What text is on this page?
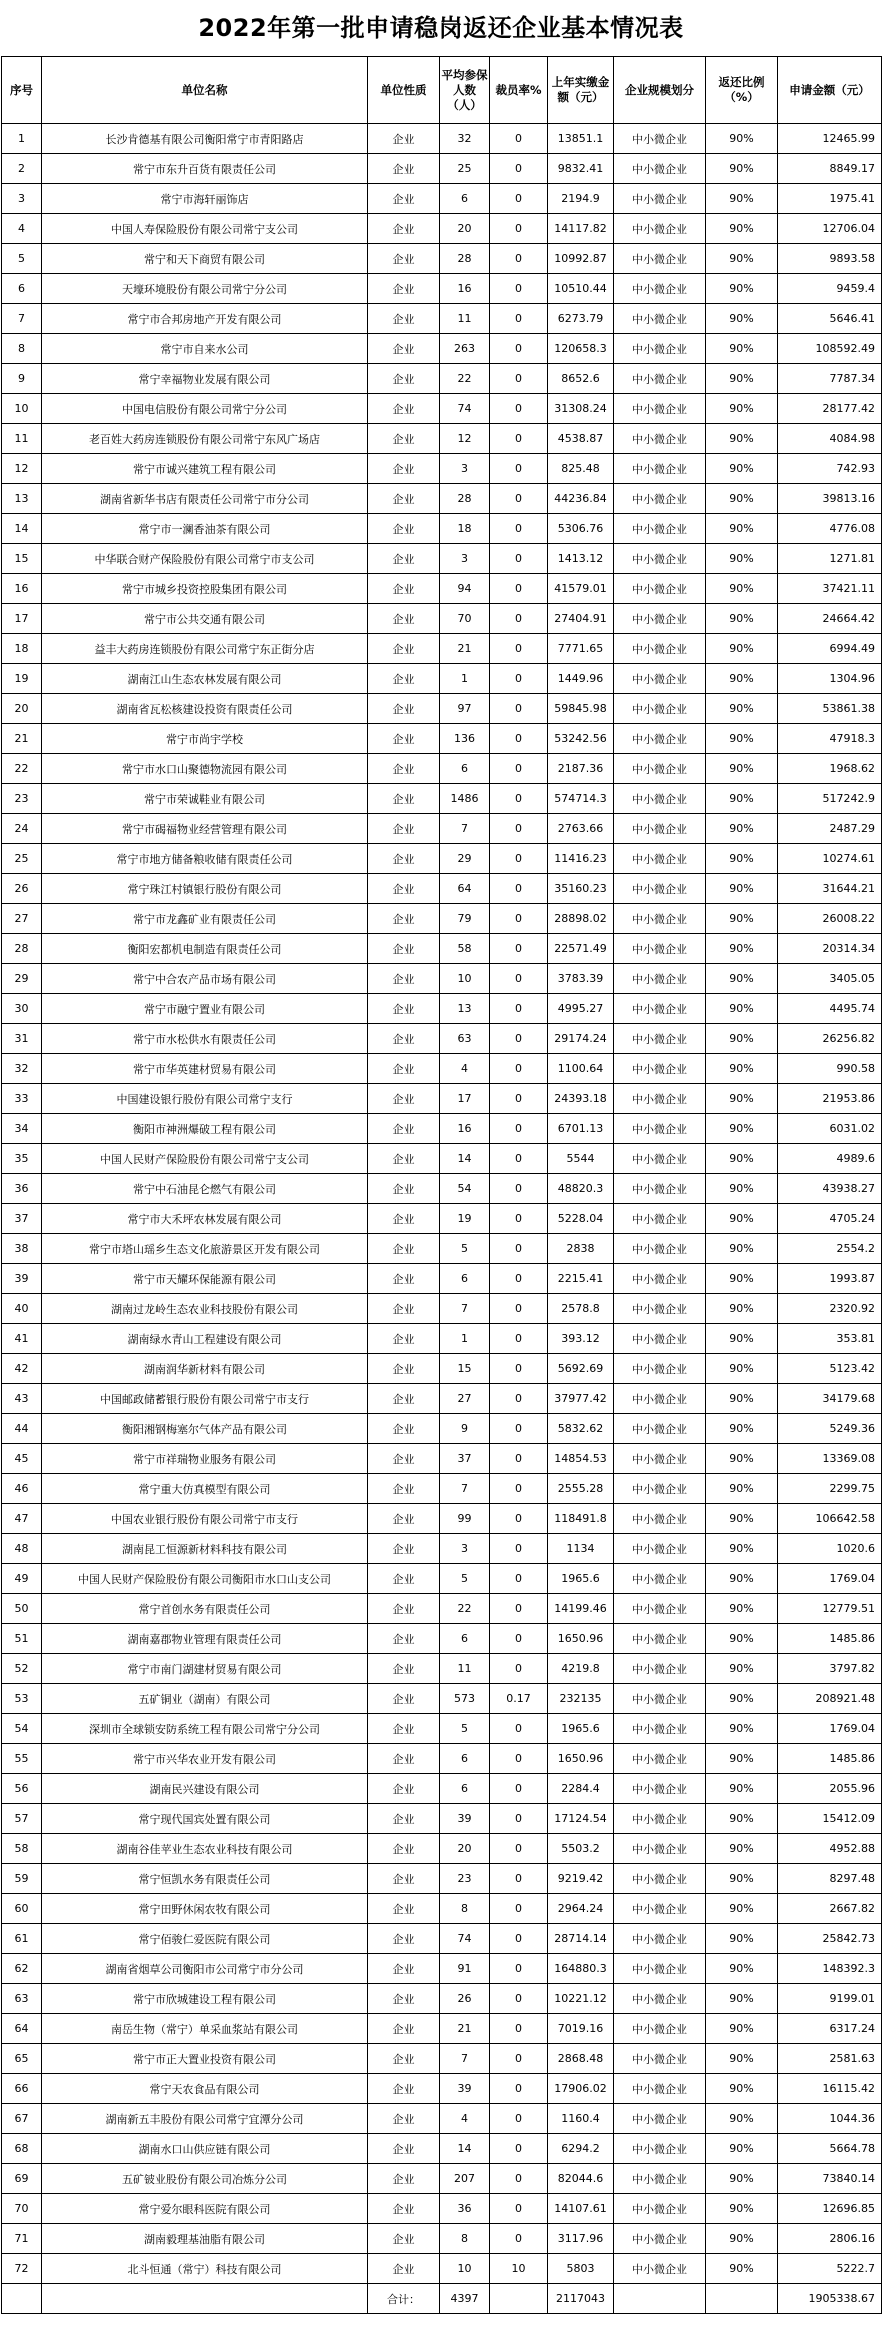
2022年第一批申请稳岗返还企业基本情况表
序号	单位名称	单位性质	平均参保人数（人）	裁员率%	上年实缴金额（元）	企业规模划分	返还比例（%）	申请金额（元）
1	长沙肯德基有限公司衡阳常宁市青阳路店	企业	32	0	13851.1	中小微企业	90%	12465.99
2	常宁市东升百货有限责任公司	企业	25	0	9832.41	中小微企业	90%	8849.17
3	常宁市海轩丽饰店	企业	6	0	2194.9	中小微企业	90%	1975.41
4	中国人寿保险股份有限公司常宁支公司	企业	20	0	14117.82	中小微企业	90%	12706.04
5	常宁和天下商贸有限公司	企业	28	0	10992.87	中小微企业	90%	9893.58
6	天壕环境股份有限公司常宁分公司	企业	16	0	10510.44	中小微企业	90%	9459.4
7	常宁市合邦房地产开发有限公司	企业	11	0	6273.79	中小微企业	90%	5646.41
8	常宁市自来水公司	企业	263	0	120658.3	中小微企业	90%	108592.49
9	常宁幸福物业发展有限公司	企业	22	0	8652.6	中小微企业	90%	7787.34
10	中国电信股份有限公司常宁分公司	企业	74	0	31308.24	中小微企业	90%	28177.42
11	老百姓大药房连锁股份有限公司常宁东风广场店	企业	12	0	4538.87	中小微企业	90%	4084.98
12	常宁市诚兴建筑工程有限公司	企业	3	0	825.48	中小微企业	90%	742.93
13	湖南省新华书店有限责任公司常宁市分公司	企业	28	0	44236.84	中小微企业	90%	39813.16
14	常宁市一澜香油茶有限公司	企业	18	0	5306.76	中小微企业	90%	4776.08
15	中华联合财产保险股份有限公司常宁市支公司	企业	3	0	1413.12	中小微企业	90%	1271.81
16	常宁市城乡投资控股集团有限公司	企业	94	0	41579.01	中小微企业	90%	37421.11
17	常宁市公共交通有限公司	企业	70	0	27404.91	中小微企业	90%	24664.42
18	益丰大药房连锁股份有限公司常宁东正街分店	企业	21	0	7771.65	中小微企业	90%	6994.49
19	湖南江山生态农林发展有限公司	企业	1	0	1449.96	中小微企业	90%	1304.96
20	湖南省瓦松核建设投资有限责任公司	企业	97	0	59845.98	中小微企业	90%	53861.38
21	常宁市尚宇学校	企业	136	0	53242.56	中小微企业	90%	47918.3
22	常宁市水口山聚德物流园有限公司	企业	6	0	2187.36	中小微企业	90%	1968.62
23	常宁市荣诚鞋业有限公司	企业	1486	0	574714.3	中小微企业	90%	517242.9
24	常宁市碣福物业经营管理有限公司	企业	7	0	2763.66	中小微企业	90%	2487.29
25	常宁市地方储备粮收储有限责任公司	企业	29	0	11416.23	中小微企业	90%	10274.61
26	常宁珠江村镇银行股份有限公司	企业	64	0	35160.23	中小微企业	90%	31644.21
27	常宁市龙鑫矿业有限责任公司	企业	79	0	28898.02	中小微企业	90%	26008.22
28	衡阳宏都机电制造有限责任公司	企业	58	0	22571.49	中小微企业	90%	20314.34
29	常宁中合农产品市场有限公司	企业	10	0	3783.39	中小微企业	90%	3405.05
30	常宁市融宁置业有限公司	企业	13	0	4995.27	中小微企业	90%	4495.74
31	常宁市水松供水有限责任公司	企业	63	0	29174.24	中小微企业	90%	26256.82
32	常宁市华英建材贸易有限公司	企业	4	0	1100.64	中小微企业	90%	990.58
33	中国建设银行股份有限公司常宁支行	企业	17	0	24393.18	中小微企业	90%	21953.86
34	衡阳市神洲爆破工程有限公司	企业	16	0	6701.13	中小微企业	90%	6031.02
35	中国人民财产保险股份有限公司常宁支公司	企业	14	0	5544	中小微企业	90%	4989.6
36	常宁中石油昆仑燃气有限公司	企业	54	0	48820.3	中小微企业	90%	43938.27
37	常宁市大禾坪农林发展有限公司	企业	19	0	5228.04	中小微企业	90%	4705.24
38	常宁市塔山瑶乡生态文化旅游景区开发有限公司	企业	5	0	2838	中小微企业	90%	2554.2
39	常宁市天耀环保能源有限公司	企业	6	0	2215.41	中小微企业	90%	1993.87
40	湖南过龙岭生态农业科技股份有限公司	企业	7	0	2578.8	中小微企业	90%	2320.92
41	湖南绿水青山工程建设有限公司	企业	1	0	393.12	中小微企业	90%	353.81
42	湖南润华新材料有限公司	企业	15	0	5692.69	中小微企业	90%	5123.42
43	中国邮政储蓄银行股份有限公司常宁市支行	企业	27	0	37977.42	中小微企业	90%	34179.68
44	衡阳湘钢梅塞尔气体产品有限公司	企业	9	0	5832.62	中小微企业	90%	5249.36
45	常宁市祥瑞物业服务有限公司	企业	37	0	14854.53	中小微企业	90%	13369.08
46	常宁重大仿真模型有限公司	企业	7	0	2555.28	中小微企业	90%	2299.75
47	中国农业银行股份有限公司常宁市支行	企业	99	0	118491.8	中小微企业	90%	106642.58
48	湖南昆工恒源新材料科技有限公司	企业	3	0	1134	中小微企业	90%	1020.6
49	中国人民财产保险股份有限公司衡阳市水口山支公司	企业	5	0	1965.6	中小微企业	90%	1769.04
50	常宁首创水务有限责任公司	企业	22	0	14199.46	中小微企业	90%	12779.51
51	湖南嘉郡物业管理有限责任公司	企业	6	0	1650.96	中小微企业	90%	1485.86
52	常宁市南门湖建材贸易有限公司	企业	11	0	4219.8	中小微企业	90%	3797.82
53	五矿铜业（湖南）有限公司	企业	573	0.17	232135	中小微企业	90%	208921.48
54	深圳市全球锁安防系统工程有限公司常宁分公司	企业	5	0	1965.6	中小微企业	90%	1769.04
55	常宁市兴华农业开发有限公司	企业	6	0	1650.96	中小微企业	90%	1485.86
56	湖南民兴建设有限公司	企业	6	0	2284.4	中小微企业	90%	2055.96
57	常宁现代国宾处置有限公司	企业	39	0	17124.54	中小微企业	90%	15412.09
58	湖南谷佳苹业生态农业科技有限公司	企业	20	0	5503.2	中小微企业	90%	4952.88
59	常宁恒凯水务有限责任公司	企业	23	0	9219.42	中小微企业	90%	8297.48
60	常宁田野休闲农牧有限公司	企业	8	0	2964.24	中小微企业	90%	2667.82
61	常宁佰骏仁爱医院有限公司	企业	74	0	28714.14	中小微企业	90%	25842.73
62	湖南省烟草公司衡阳市公司常宁市分公司	企业	91	0	164880.3	中小微企业	90%	148392.3
63	常宁市欣城建设工程有限公司	企业	26	0	10221.12	中小微企业	90%	9199.01
64	南岳生物（常宁）单采血浆站有限公司	企业	21	0	7019.16	中小微企业	90%	6317.24
65	常宁市正大置业投资有限公司	企业	7	0	2868.48	中小微企业	90%	2581.63
66	常宁天农食品有限公司	企业	39	0	17906.02	中小微企业	90%	16115.42
67	湖南新五丰股份有限公司常宁宜潭分公司	企业	4	0	1160.4	中小微企业	90%	1044.36
68	湖南水口山供应链有限公司	企业	14	0	6294.2	中小微企业	90%	5664.78
69	五矿铍业股份有限公司冶炼分公司	企业	207	0	82044.6	中小微企业	90%	73840.14
70	常宁爱尔眼科医院有限公司	企业	36	0	14107.61	中小微企业	90%	12696.85
71	湖南毅理基油脂有限公司	企业	8	0	3117.96	中小微企业	90%	2806.16
72	北斗恒通（常宁）科技有限公司	企业	10	10	5803	中小微企业	90%	5222.7
		合计：	4397		2117043			1905338.67
